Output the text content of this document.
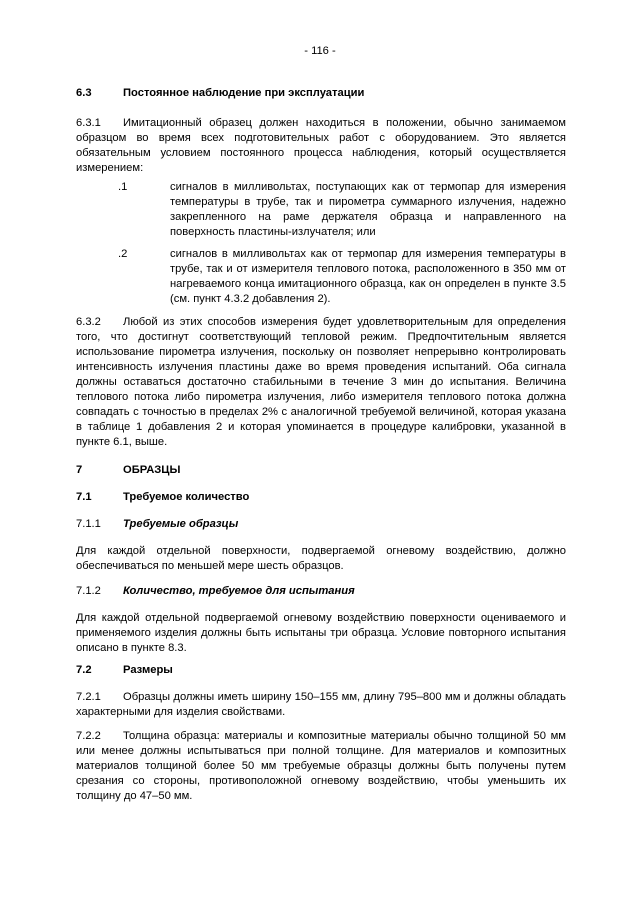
- 116 -
6.3	Постоянное наблюдение при эксплуатации
6.3.1 Имитационный образец должен находиться в положении, обычно занимаемом образцом во время всех подготовительных работ с оборудованием. Это является обязательным условием постоянного процесса наблюдения, который осуществляется измерением:
.1	сигналов в милливольтах, поступающих как от термопар для измерения температуры в трубе, так и пирометра суммарного излучения, надежно закрепленного на раме держателя образца и направленного на поверхность пластины-излучателя; или
.2	сигналов в милливольтах как от термопар для измерения температуры в трубе, так и от измерителя теплового потока, расположенного в 350 мм от нагреваемого конца имитационного образца, как он определен в пункте 3.5 (см. пункт 4.3.2 добавления 2).
6.3.2 Любой из этих способов измерения будет удовлетворительным для определения того, что достигнут соответствующий тепловой режим. Предпочтительным является использование пирометра излучения, поскольку он позволяет непрерывно контролировать интенсивность излучения пластины даже во время проведения испытаний. Оба сигнала должны оставаться достаточно стабильными в течение 3 мин до испытания. Величина теплового потока либо пирометра излучения, либо измерителя теплового потока должна совпадать с точностью в пределах 2% с аналогичной требуемой величиной, которая указана в таблице 1 добавления 2 и которая упоминается в процедуре калибровки, указанной в пункте 6.1, выше.
7	ОБРАЗЦЫ
7.1	Требуемое количество
7.1.1	Требуемые образцы
Для каждой отдельной поверхности, подвергаемой огневому воздействию, должно обеспечиваться по меньшей мере шесть образцов.
7.1.2	Количество, требуемое для испытания
Для каждой отдельной подвергаемой огневому воздействию поверхности оцениваемого и применяемого изделия должны быть испытаны три образца. Условие повторного испытания описано в пункте 8.3.
7.2	Размеры
7.2.1 Образцы должны иметь ширину 150–155 мм, длину 795–800 мм и должны обладать характерными для изделия свойствами.
7.2.2 Толщина образца: материалы и композитные материалы обычно толщиной 50 мм или менее должны испытываться при полной толщине. Для материалов и композитных материалов толщиной более 50 мм требуемые образцы должны быть получены путем срезания со стороны, противоположной огневому воздействию, чтобы уменьшить их толщину до 47–50 мм.
